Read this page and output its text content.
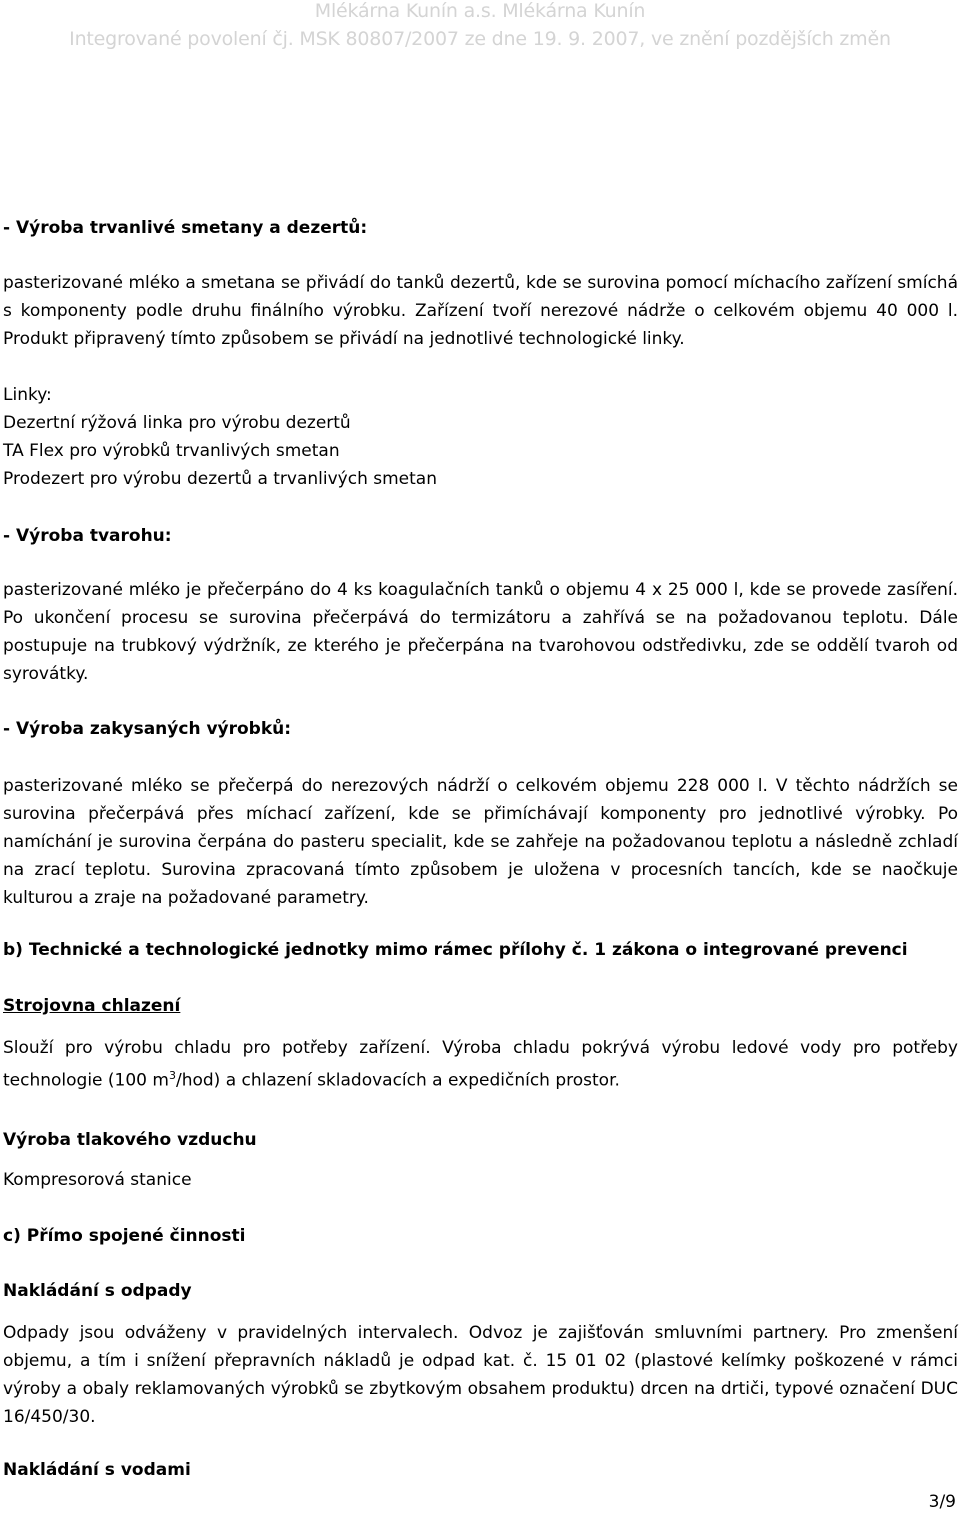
Mlékárna Kunín a.s. Mlékárna Kunín
Integrované povolení čj. MSK 80807/2007 ze dne 19. 9. 2007, ve znění pozdějších změn
- Výroba trvanlivé smetany a dezertů:
pasterizované mléko a smetana se přivádí do tanků dezertů, kde se surovina pomocí míchacího zařízení smíchá s komponenty podle druhu finálního výrobku. Zařízení tvoří nerezové nádrže o celkovém objemu 40 000 l. Produkt připravený tímto způsobem se přivádí na jednotlivé technologické linky.
Linky:
Dezertní rýžová linka pro výrobu dezertů
TA Flex pro výrobků trvanlivých smetan
Prodezert pro výrobu dezertů a trvanlivých smetan
- Výroba tvarohu:
pasterizované mléko je přečerpáno do 4 ks koagulačních tanků o objemu 4 x 25 000 l, kde se provede zasíření. Po ukončení procesu se surovina přečerpává do termizátoru a zahřívá se na požadovanou teplotu. Dále postupuje na trubkový výdržník, ze kterého je přečerpána na tvarohovou odstředivku, zde se oddělí tvaroh od syrovátky.
- Výroba zakysaných výrobků:
pasterizované mléko se přečerpá do nerezových nádrží o celkovém objemu 228 000 l. V těchto nádržích se surovina přečerpává přes míchací zařízení, kde se přimíchávají komponenty pro jednotlivé výrobky. Po namíchání je surovina čerpána do pasteru specialit, kde se zahřeje na požadovanou teplotu a následně zchladí na zrací teplotu. Surovina zpracovaná tímto způsobem je uložena v procesních tancích, kde se naočkuje kulturou a zraje na požadované parametry.
b) Technické a technologické jednotky mimo rámec přílohy č. 1 zákona o integrované prevenci
Strojovna chlazení
Slouží pro výrobu chladu pro potřeby zařízení. Výroba chladu pokrývá výrobu ledové vody pro potřeby technologie (100 $m^3/hod$) a chlazení skladovacích a expedičních prostor.
Výroba tlakového vzduchu
Kompresorová stanice
c) Přímo spojené činnosti
Nakládání s odpady
Odpady jsou odváženy v pravidelných intervalech. Odvoz je zajišťován smluvními partnery. Pro zmenšení objemu, a tím i snížení přepravních nákladů je odpad kat. č. 15 01 02 (plastové kelímky poškozené v rámci výroby a obaly reklamovaných výrobků se zbytkovým obsahem produktu) drcen na drtiči, typové označení DUC 16/450/30.
Nakládání s vodami
3/9
